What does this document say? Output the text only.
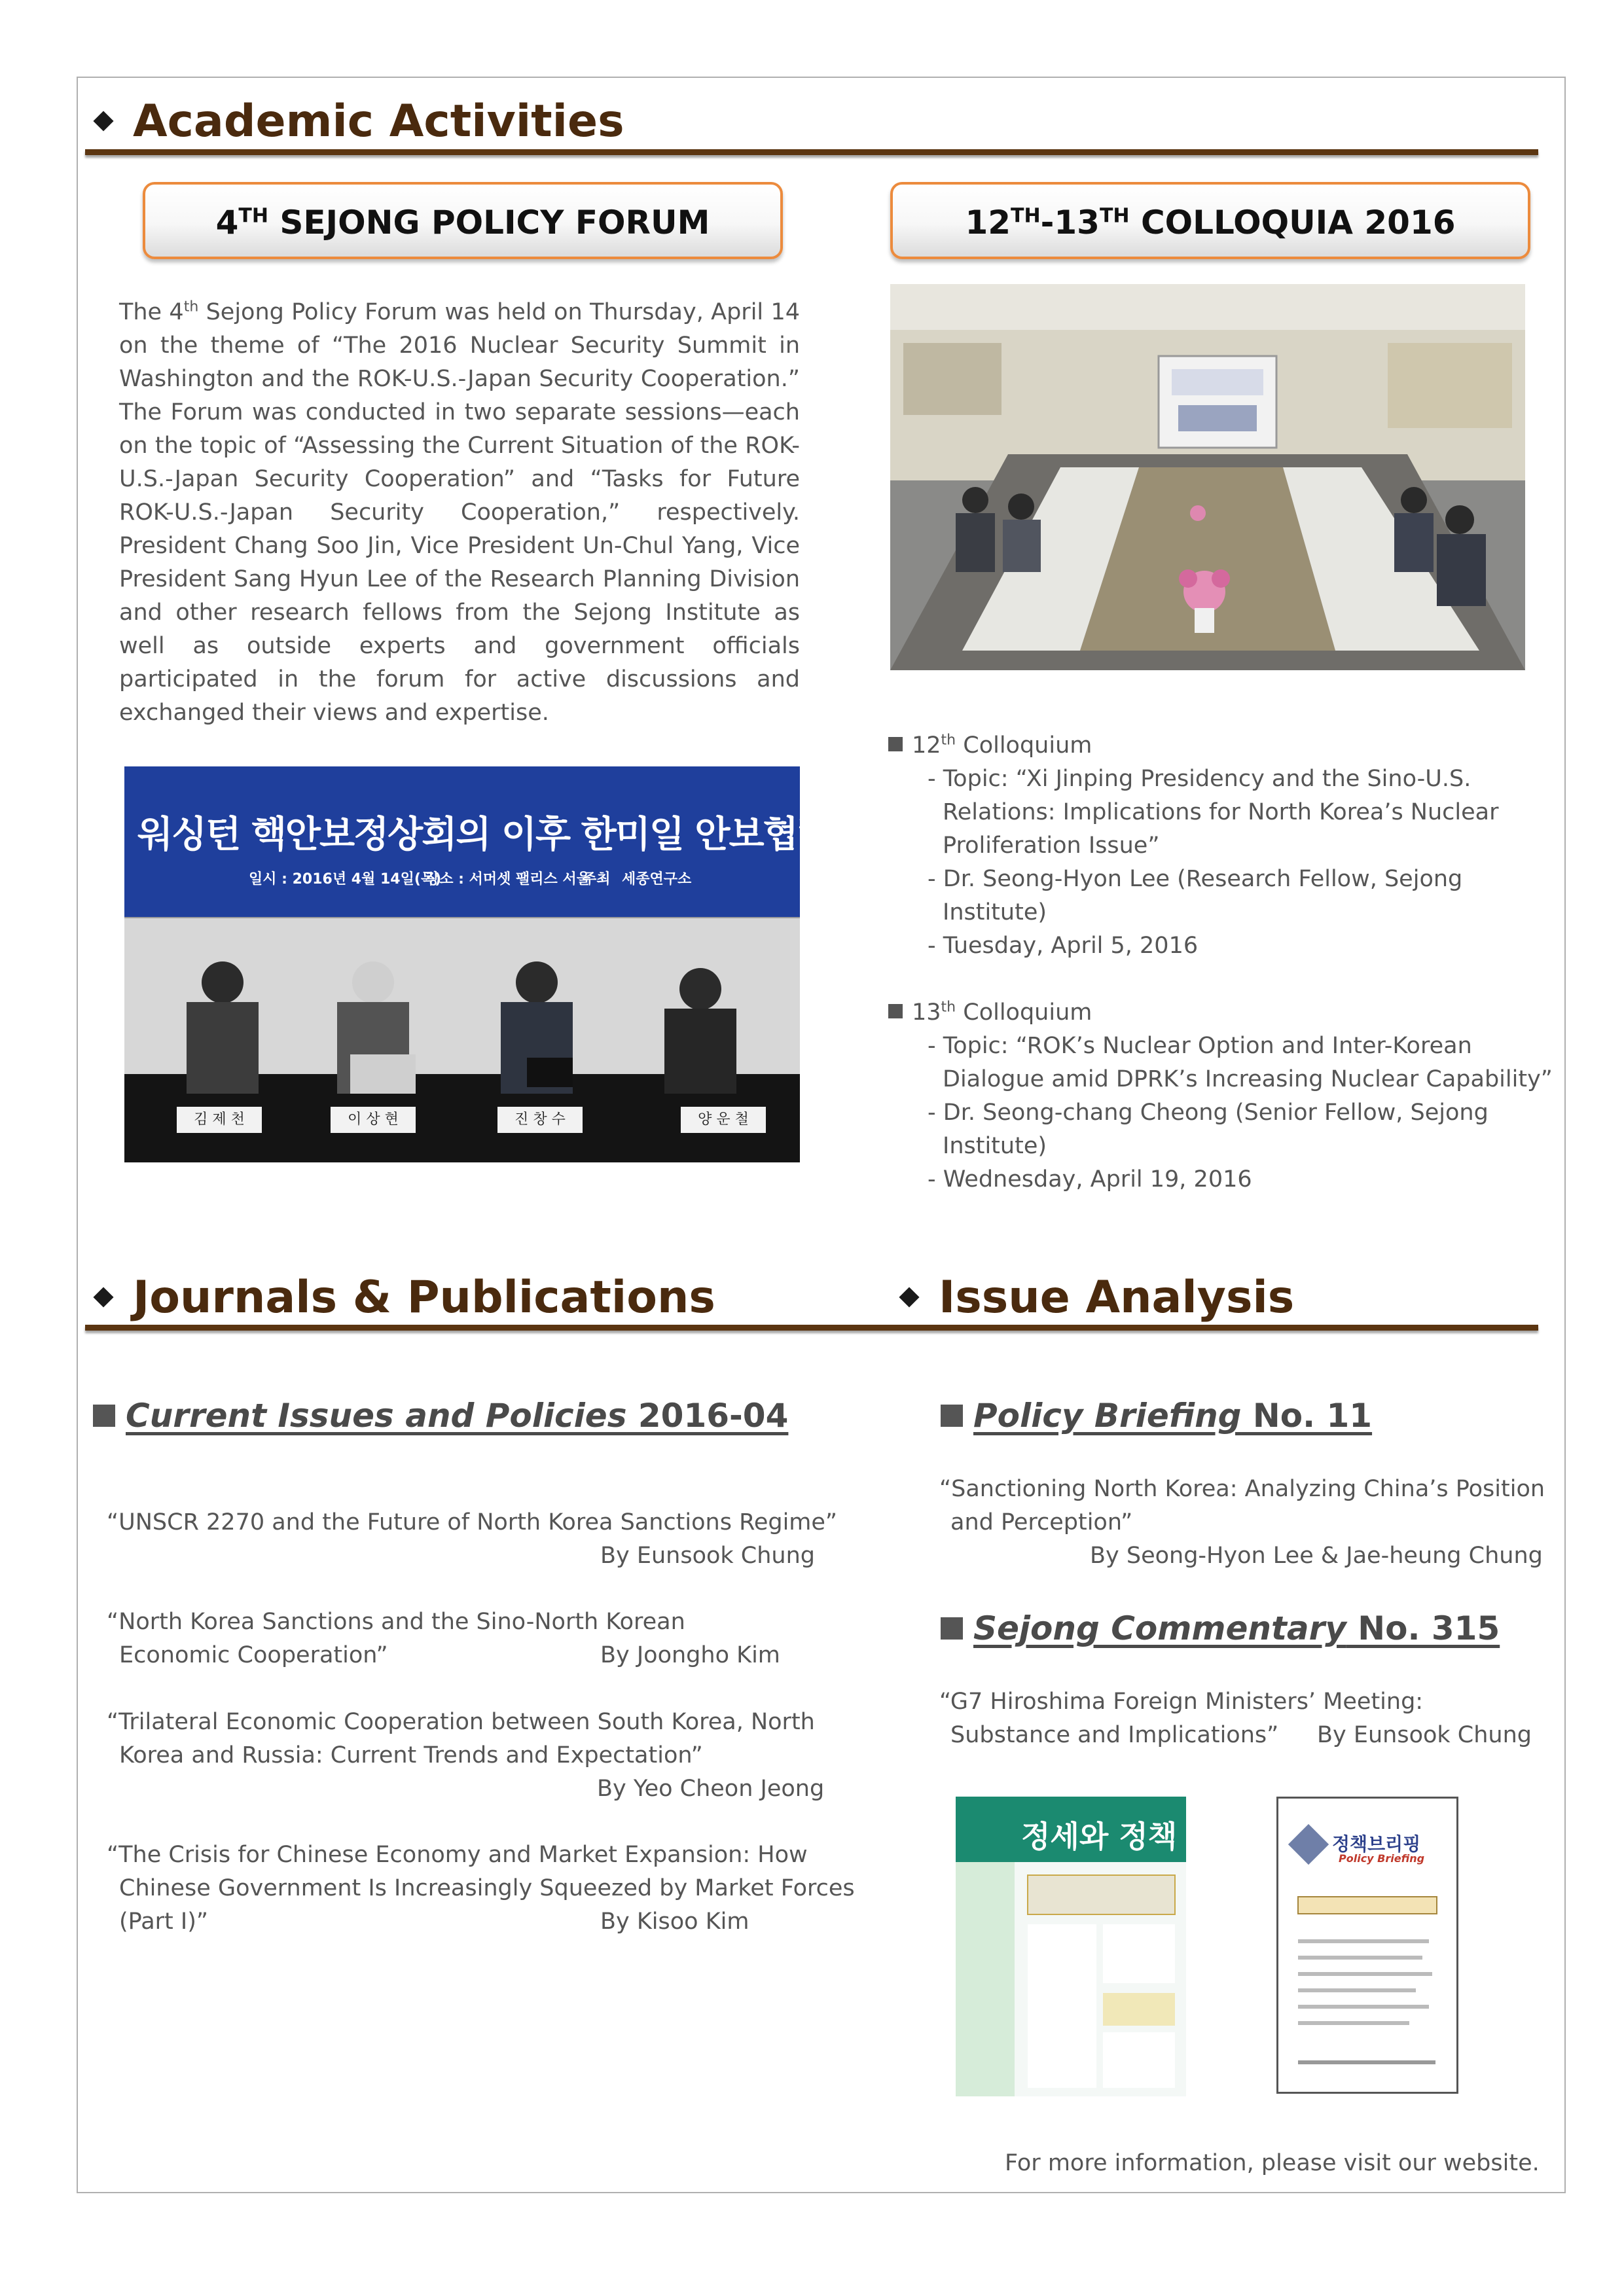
Academic Activities
4TH SEJONG POLICY FORUM	12TH-13TH COLLOQUIA 2016
The 4th Sejong Policy Forum was held on Thursday, April 14 on the theme of “The 2016 Nuclear Security Summit in Washington and the ROK-U.S.-Japan Security Cooperation.” The Forum was conducted in two separate sessions—each on the topic of “Assessing the Current Situation of the ROK-U.S.-Japan Security Cooperation” and “Tasks for Future ROK-U.S.-Japan Security Cooperation,” respectively. President Chang Soo Jin, Vice President Un-Chul Yang, Vice President Sang Hyun Lee of the Research Planning Division and other research fellows from the Sejong Institute as well as outside experts and government officials participated in the forum for active discussions and exchanged their views and expertise.
워싱턴 핵안보정상회의 이후 한미일 안보협력 추진 방향
일시 : 2016년 4월 14일(목)
장소 : 서머셋 팰리스 서울
주최 세종연구소
김 제 천	이 상 현	진 창 수	양 운 철
12th Colloquium
- Topic: “Xi Jinping Presidency and the Sino-U.S.
Relations: Implications for North Korea’s Nuclear
Proliferation Issue”
- Dr. Seong-Hyon Lee (Research Fellow, Sejong
Institute)
- Tuesday, April 5, 2016
13th Colloquium
- Topic: “ROK’s Nuclear Option and Inter-Korean
Dialogue amid DPRK’s Increasing Nuclear Capability”
- Dr. Seong-chang Cheong (Senior Fellow, Sejong
Institute)
- Wednesday, April 19, 2016
Journals & Publications	Issue Analysis
Current Issues and Policies 2016-04
“UNSCR 2270 and the Future of North Korea Sanctions Regime”
By Eunsook Chung
“North Korea Sanctions and the Sino-North Korean
Economic Cooperation”	By Joongho Kim
“Trilateral Economic Cooperation between South Korea, North
Korea and Russia: Current Trends and Expectation”
By Yeo Cheon Jeong
“The Crisis for Chinese Economy and Market Expansion: How
Chinese Government Is Increasingly Squeezed by Market Forces
(Part I)”	By Kisoo Kim
Policy Briefing No. 11
“Sanctioning North Korea: Analyzing China’s Position
and Perception”
By Seong-Hyon Lee & Jae-heung Chung
Sejong Commentary No. 315
“G7 Hiroshima Foreign Ministers’ Meeting:
Substance and Implications” By Eunsook Chung
정세와 정책	정책브리핑
Policy Briefing
For more information, please visit our website.
